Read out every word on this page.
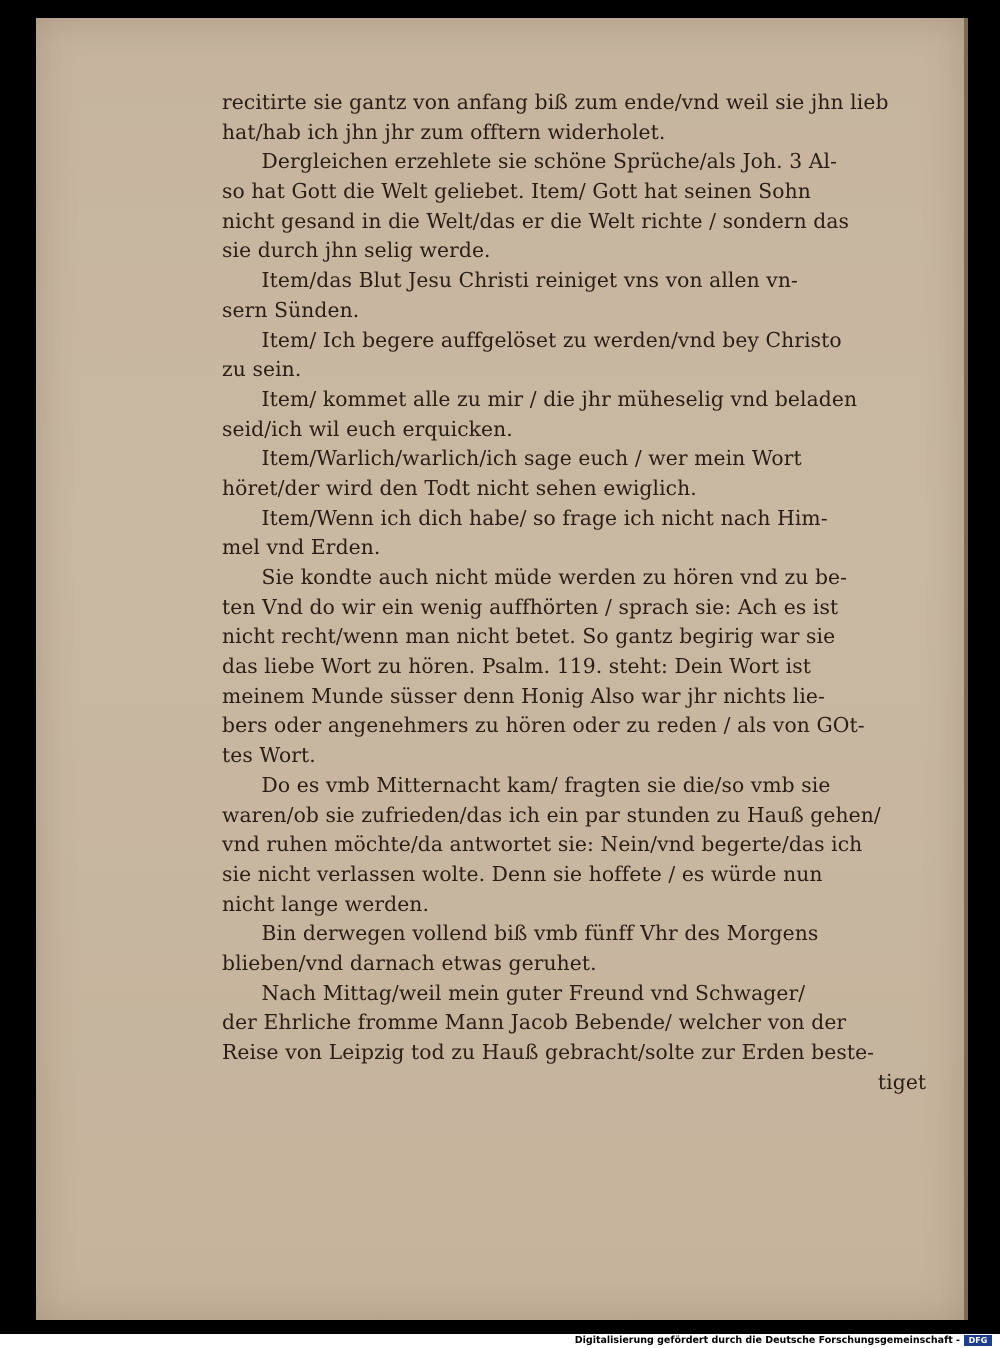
recitirte sie gantz von anfang biß zum ende/vnd weil sie jhn lieb
hat/hab ich jhn jhr zum offtern widerholet.
Dergleichen erzehlete sie schöne Sprüche/als Joh. 3 Al-
so hat Gott die Welt geliebet. Item/ Gott hat seinen Sohn
nicht gesand in die Welt/das er die Welt richte / sondern das
sie durch jhn selig werde.
Item/das Blut Jesu Christi reiniget vns von allen vn-
sern Sünden.
Item/ Ich begere auffgelöset zu werden/vnd bey Christo
zu sein.
Item/ kommet alle zu mir / die jhr müheselig vnd beladen
seid/ich wil euch erquicken.
Item/Warlich/warlich/ich sage euch / wer mein Wort
höret/der wird den Todt nicht sehen ewiglich.
Item/Wenn ich dich habe/ so frage ich nicht nach Him-
mel vnd Erden.
Sie kondte auch nicht müde werden zu hören vnd zu be-
ten Vnd do wir ein wenig auffhörten / sprach sie: Ach es ist
nicht recht/wenn man nicht betet. So gantz begirig war sie
das liebe Wort zu hören. Psalm. 119. steht: Dein Wort ist
meinem Munde süsser denn Honig Also war jhr nichts lie-
bers oder angenehmers zu hören oder zu reden / als von GOt-
tes Wort.
Do es vmb Mitternacht kam/ fragten sie die/so vmb sie
waren/ob sie zufrieden/das ich ein par stunden zu Hauß gehen/
vnd ruhen möchte/da antwortet sie: Nein/vnd begerte/das ich
sie nicht verlassen wolte. Denn sie hoffete / es würde nun
nicht lange werden.
Bin derwegen vollend biß vmb fünff Vhr des Morgens
blieben/vnd darnach etwas geruhet.
Nach Mittag/weil mein guter Freund vnd Schwager/
der Ehrliche fromme Mann Jacob Bebende/ welcher von der
Reise von Leipzig tod zu Hauß gebracht/solte zur Erden beste-
tiget
Digitalisierung gefördert durch die Deutsche Forschungsgemeinschaft -	DFG
